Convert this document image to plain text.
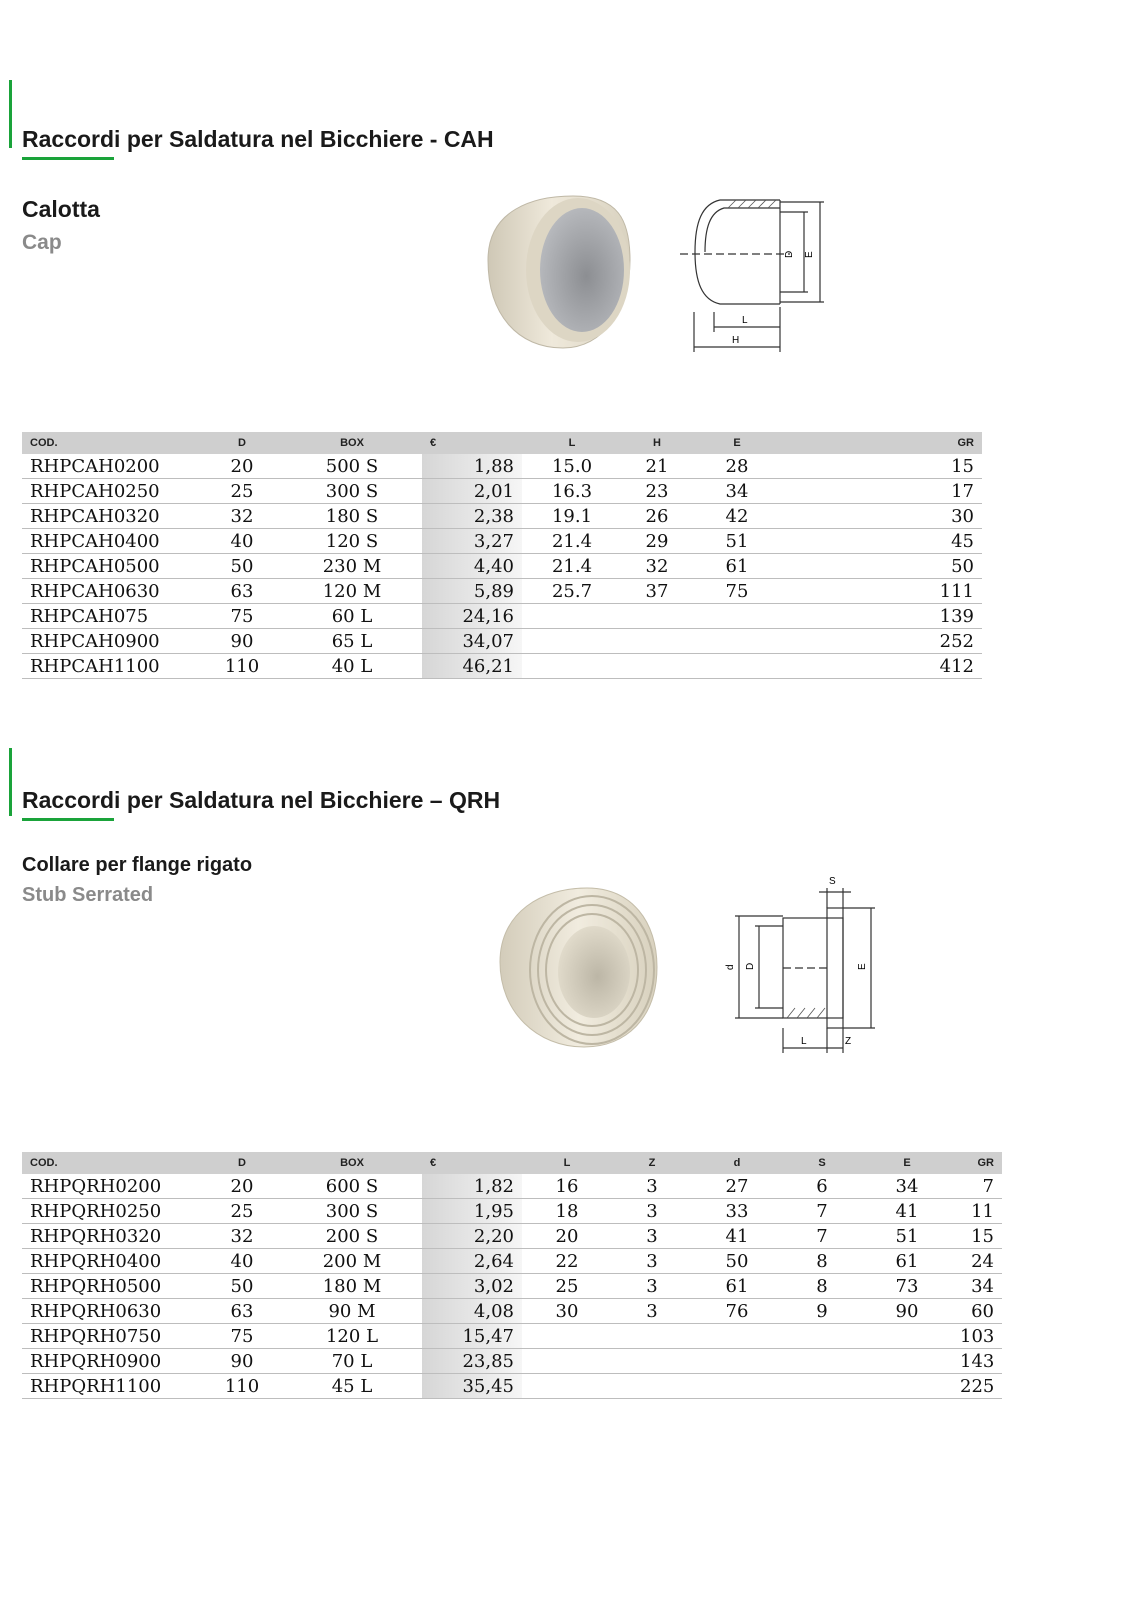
Raccordi per Saldatura nel Bicchiere - CAH
Calotta
Cap
D E
L
H
COD.	D	BOX	€	L	H	E	GR
RHPCAH0200	20	500 S	1,88	15.0	21	28	15
RHPCAH0250	25	300 S	2,01	16.3	23	34	17
RHPCAH0320	32	180 S	2,38	19.1	26	42	30
RHPCAH0400	40	120 S	3,27	21.4	29	51	45
RHPCAH0500	50	230 M	4,40	21.4	32	61	50
RHPCAH0630	63	120 M	5,89	25.7	37	75	111
RHPCAH075	75	60 L	24,16				139
RHPCAH0900	90	65 L	34,07				252
RHPCAH1100	110	40 L	46,21				412
Raccordi per Saldatura nel Bicchiere – QRH
Collare per flange rigato
Stub Serrated
S
d D	E
L	Z
COD.	D	BOX	€	L	Z	d	S	E	GR
RHPQRH0200	20	600 S	1,82	16	3	27	6	34	7
RHPQRH0250	25	300 S	1,95	18	3	33	7	41	11
RHPQRH0320	32	200 S	2,20	20	3	41	7	51	15
RHPQRH0400	40	200 M	2,64	22	3	50	8	61	24
RHPQRH0500	50	180 M	3,02	25	3	61	8	73	34
RHPQRH0630	63	90 M	4,08	30	3	76	9	90	60
RHPQRH0750	75	120 L	15,47						103
RHPQRH0900	90	70 L	23,85						143
RHPQRH1100	110	45 L	35,45						225
